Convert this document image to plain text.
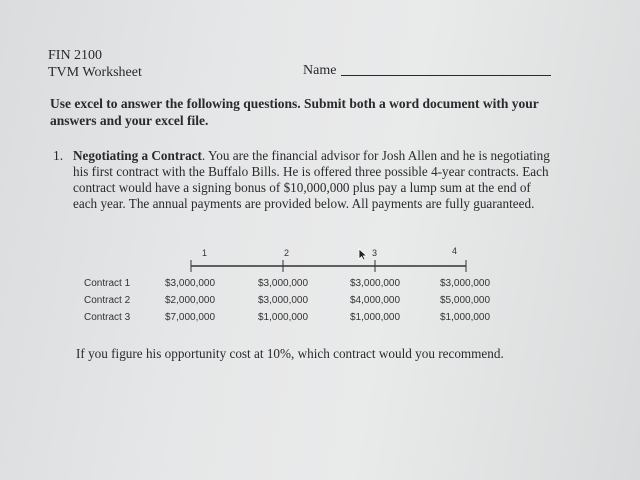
FIN 2100
TVM Worksheet	Name
Use excel to answer the following questions. Submit both a word document with your answers and your excel file.
1. Negotiating a Contract. You are the financial advisor for Josh Allen and he is negotiating his first contract with the Buffalo Bills. He is offered three possible 4-year contracts. Each contract would have a signing bonus of $10,000,000 plus pay a lump sum at the end of each year. The annual payments are provided below. All payments are fully guaranteed.
1	2	3	4
Contract 1	$3,000,000	$3,000,000	$3,000,000	$3,000,000
Contract 2	$2,000,000	$3,000,000	$4,000,000	$5,000,000
Contract 3	$7,000,000	$1,000,000	$1,000,000	$1,000,000
If you figure his opportunity cost at 10%, which contract would you recommend.
